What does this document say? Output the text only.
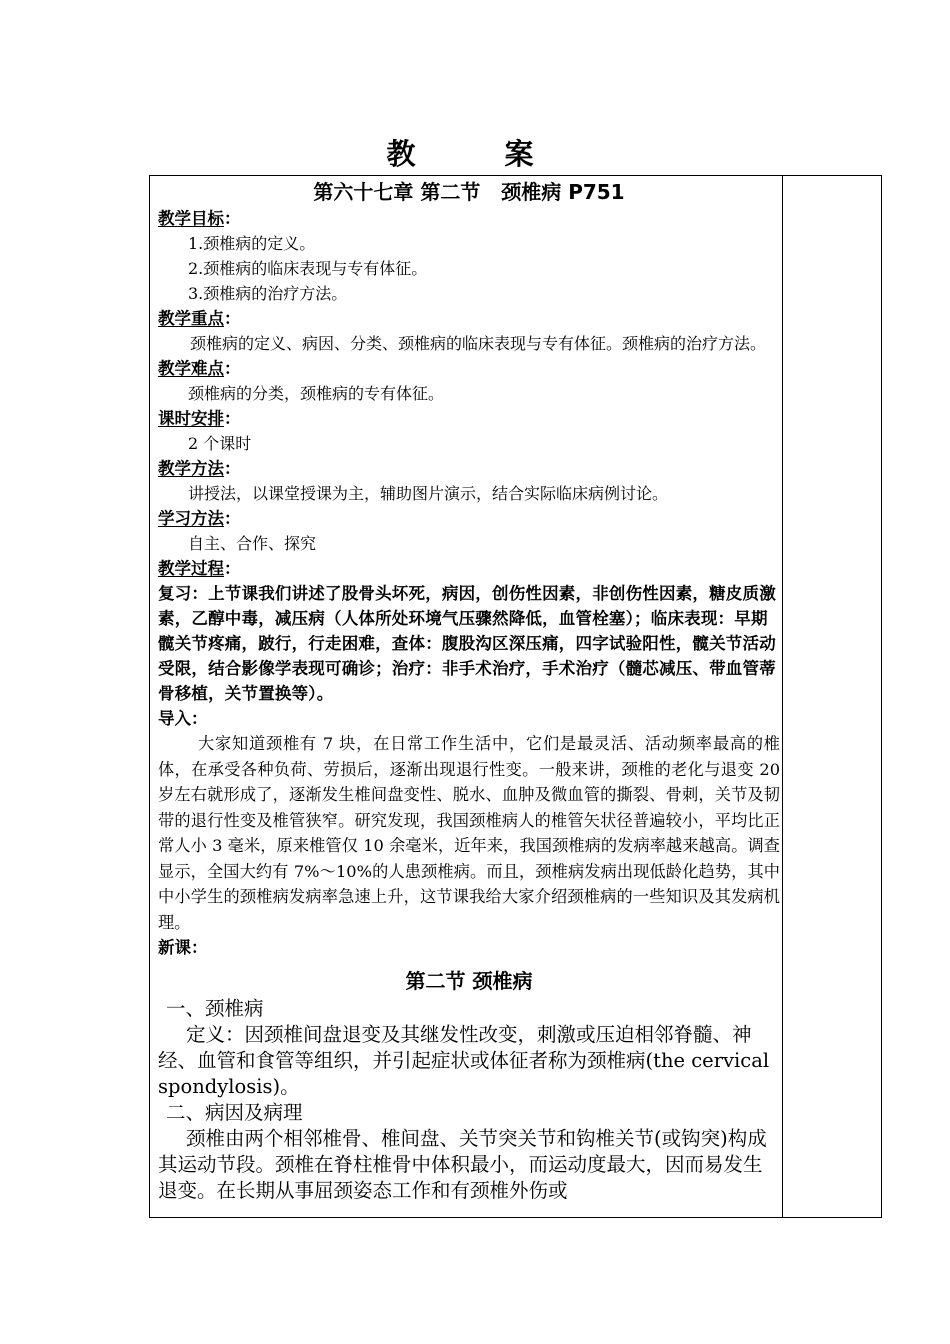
教　案
第六十七章 第二节   颈椎病 P751
教学目标：
1.颈椎病的定义。
2.颈椎病的临床表现与专有体征。
3.颈椎病的治疗方法。
教学重点：
颈椎病的定义、病因、分类、颈椎病的临床表现与专有体征。颈椎病的治疗方法。
教学难点：
颈椎病的分类，颈椎病的专有体征。
课时安排：
2 个课时
教学方法：
讲授法，以课堂授课为主，辅助图片演示，结合实际临床病例讨论。
学习方法：
自主、合作、探究
教学过程：
复习：上节课我们讲述了股骨头坏死，病因，创伤性因素，非创伤性因素，糖皮质激素，乙醇中毒，减压病（人体所处环境气压骤然降低，血管栓塞）；临床表现：早期髋关节疼痛，跛行，行走困难，查体：腹股沟区深压痛，四字试验阳性，髋关节活动受限，结合影像学表现可确诊；治疗：非手术治疗，手术治疗（髓芯减压、带血管蒂骨移植，关节置换等）。
导入：
大家知道颈椎有 7 块，在日常工作生活中，它们是最灵活、活动频率最高的椎体，在承受各种负荷、劳损后，逐渐出现退行性变。一般来讲，颈椎的老化与退变 20 岁左右就形成了，逐渐发生椎间盘变性、脱水、血肿及微血管的撕裂、骨刺，关节及韧带的退行性变及椎管狭窄。研究发现，我国颈椎病人的椎管矢状径普遍较小，平均比正常人小 3 毫米，原来椎管仅 10 余毫米，近年来，我国颈椎病的发病率越来越高。调查显示，全国大约有 7%～10%的人患颈椎病。而且，颈椎病发病出现低龄化趋势，其中中小学生的颈椎病发病率急速上升，这节课我给大家介绍颈椎病的一些知识及其发病机理。
新课：
第二节 颈椎病
一、颈椎病
定义：因颈椎间盘退变及其继发性改变，刺激或压迫相邻脊髓、神经、血管和食管等组织，并引起症状或体征者称为颈椎病(the cervical spondylosis)。
二、病因及病理
颈椎由两个相邻椎骨、椎间盘、关节突关节和钩椎关节(或钩突)构成其运动节段。颈椎在脊柱椎骨中体积最小，而运动度最大，因而易发生退变。在长期从事屈颈姿态工作和有颈椎外伤或
